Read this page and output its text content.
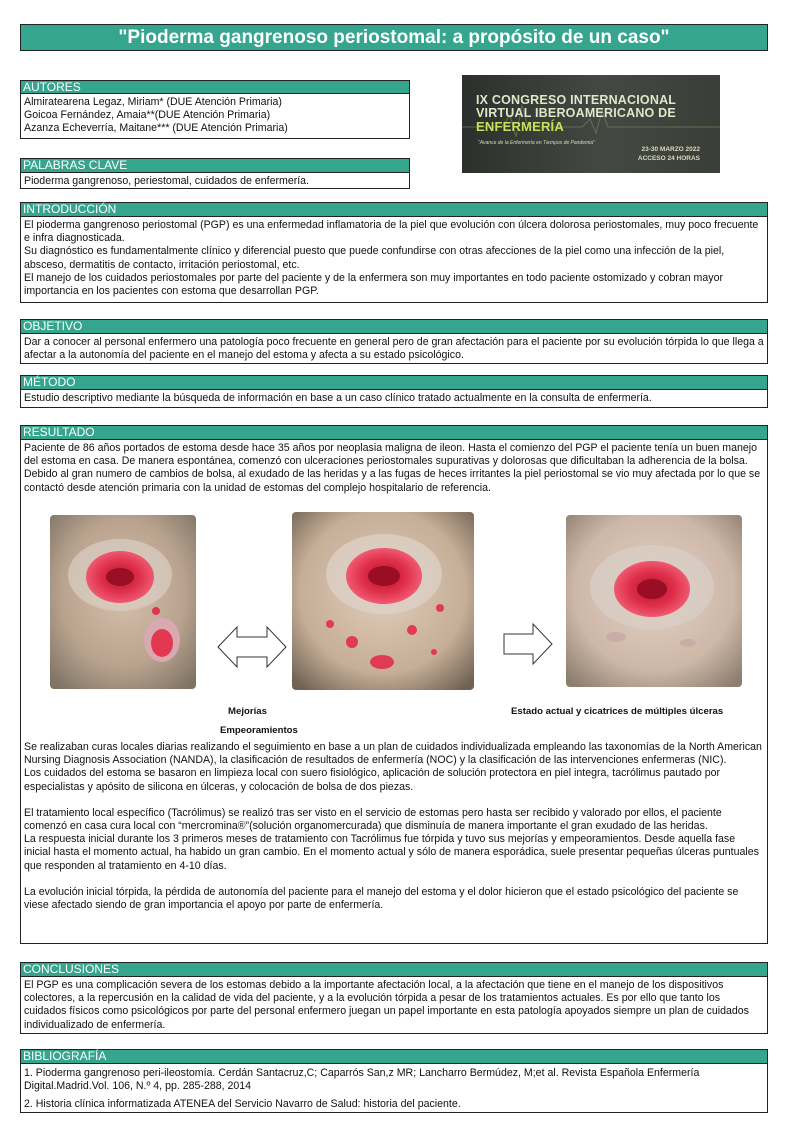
"Pioderma gangrenoso periostomal: a propósito de un caso"
AUTORES

Almiratearena Legaz, Miriam* (DUE Atención Primaria)

Goicoa Fernández, Amaia**(DUE Atención Primaria)

Azanza Echeverría, Maitane*** (DUE Atención Primaria)

IX CONGRESO INTERNACIONAL
VIRTUAL IBEROAMERICANO DE
ENFERMERÍA
"Avance de la Enfermería en Tiempos de Pandemia"
23-30 MARZO 2022
ACCESO 24 HORAS
PALABRAS CLAVE

Pioderma gangrenoso, periestomal, cuidados de enfermería.

INTRODUCCIÓN

El pioderma gangrenoso periostomal (PGP) es una enfermedad inflamatoria de la piel que evolución con úlcera dolorosa periostomales, muy poco frecuente e infra diagnosticada.

Su diagnóstico es fundamentalmente clínico y diferencial puesto que puede confundirse con otras afecciones de la piel como una infección de la piel, absceso, dermatitis de contacto, irritación periostomal, etc.

El manejo de los cuidados periostomales por parte del paciente y de la enfermera son muy importantes en todo paciente ostomizado y cobran mayor importancia en los pacientes con estoma que desarrollan PGP.

OBJETIVO

Dar a conocer al personal enfermero una patología poco frecuente en general pero de gran afectación para el paciente por su evolución tórpida lo que llega a afectar a la autonomía del paciente en el manejo del estoma y afecta a su estado psicológico.

MÉTODO

Estudio descriptivo mediante la búsqueda de información en base a un caso clínico tratado actualmente en la consulta de enfermería.

RESULTADO

Paciente de 86 años portados de estoma desde hace 35 años por neoplasia maligna de ileon. Hasta el comienzo del PGP el paciente tenía un buen manejo del estoma en casa. De manera espontánea, comenzó con ulceraciones periostomales supurativas y dolorosas que dificultaban la adherencia de la bolsa. Debido al gran numero de cambios de bolsa, al exudado de las heridas y a las fugas de heces irritantes la piel periostomal se vio muy afectada por lo que se contactó desde atención primaria con la unidad de estomas del complejo hospitalario de referencia.

Mejorías
Empeoramientos
Estado actual y cicatrices de múltiples úlceras

Se realizaban curas locales diarias realizando el seguimiento en base a un plan de cuidados individualizada empleando las taxonomías de la North American Nursing Diagnosis Association (NANDA), la clasificación de resultados de enfermería (NOC) y la clasificación de las intervenciones enfermeras (NIC).

Los cuidados del estoma se basaron en limpieza local con suero fisiológico, aplicación de solución protectora en piel integra, tacrólimus pautado por especialistas y apósito de silicona en úlceras, y colocación de bolsa de dos piezas.

El tratamiento local específico (Tacrólimus) se realizó tras ser visto en el servicio de estomas pero hasta ser recibido y valorado por ellos, el paciente comenzó en casa cura local con “mercromina®”(solución organomercurada) que disminuía de manera importante el gran exudado de las heridas.

La respuesta inicial durante los 3 primeros meses de tratamiento con Tacrólimus fue tórpida y tuvo sus mejorías y empeoramientos. Desde aquella fase inicial hasta el momento actual, ha habido un gran cambio. En el momento actual y sólo de manera esporádica, suele presentar pequeñas úlceras puntuales que responden al tratamiento en 4-10 días.

La evolución inicial tórpida, la pérdida de autonomía del paciente para el manejo del estoma y el dolor hicieron que el estado psicológico del paciente se viese afectado siendo de gran importancia el apoyo por parte de enfermería.

CONCLUSIONES

El PGP es una complicación severa de los estomas debido a la importante afectación local, a la afectación que tiene en el manejo de los dispositivos colectores, a la repercusión en la calidad de vida del paciente, y a la evolución tórpida a pesar de los tratamientos actuales. Es por ello que tanto los cuidados físicos como psicológicos por parte del personal enfermero juegan un papel importante en esta patología apoyados siempre un plan de cuidados individualizado de enfermería.

BIBLIOGRAFÍA

1. Pioderma gangrenoso peri-ileostomía. Cerdán Santacruz,C; Caparrós San,z MR; Lancharro Bermúdez, M;et al. Revista Española Enfermería Digital.Madrid.Vol. 106, N.º 4, pp. 285-288, 2014

2. Historia clínica informatizada ATENEA del Servicio Navarro de Salud: historia del paciente.
